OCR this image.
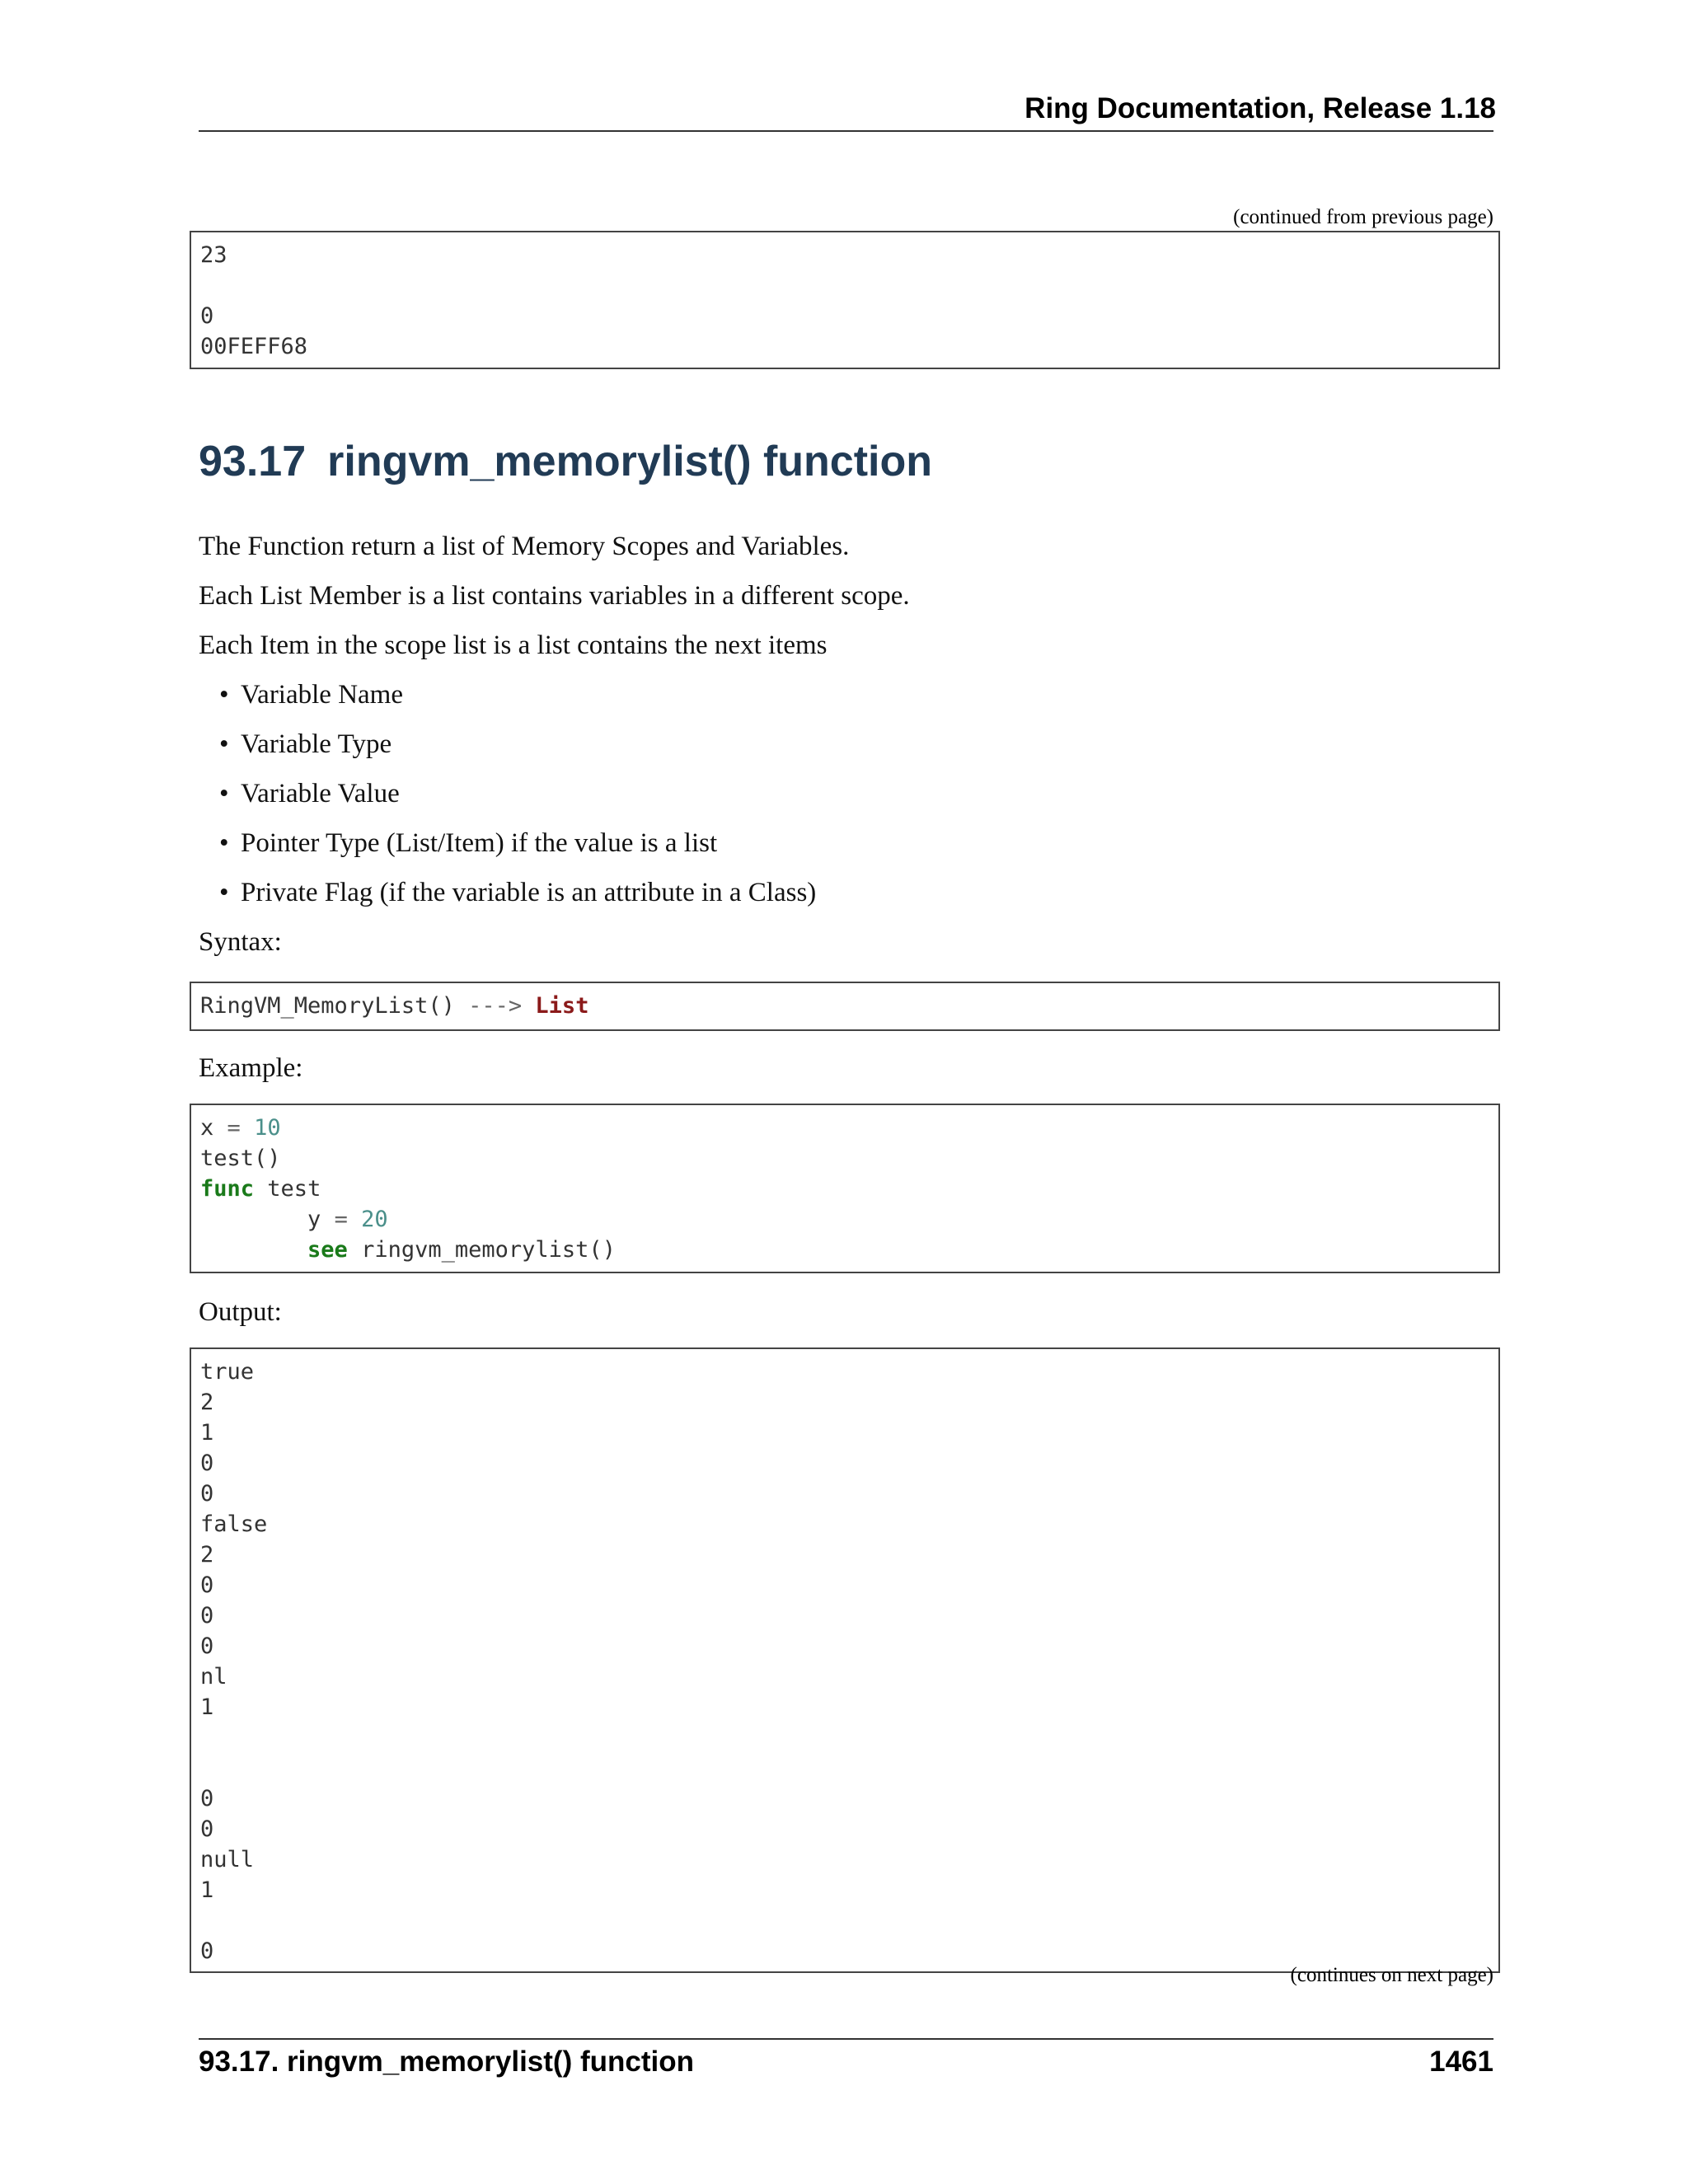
Ring Documentation, Release 1.18
(continued from previous page)
23
0
00FEFF68
93.17 ringvm_memorylist() function

The Function return a list of Memory Scopes and Variables.

Each List Member is a list contains variables in a different scope.

Each Item in the scope list is a list contains the next items

• Variable Name
• Variable Type
• Variable Value
• Pointer Type (List/Item) if the value is a list
• Private Flag (if the variable is an attribute in a Class)

Syntax:

RingVM_MemoryList() ---> List

Example:

x = 10
test()
func test
y = 20
see ringvm_memorylist()

Output:

true
2
1
0
0
false
2
0
0
0
nl
1
0
0
null
1
0
(continues on next page)
93.17. ringvm_memorylist() function	1461
